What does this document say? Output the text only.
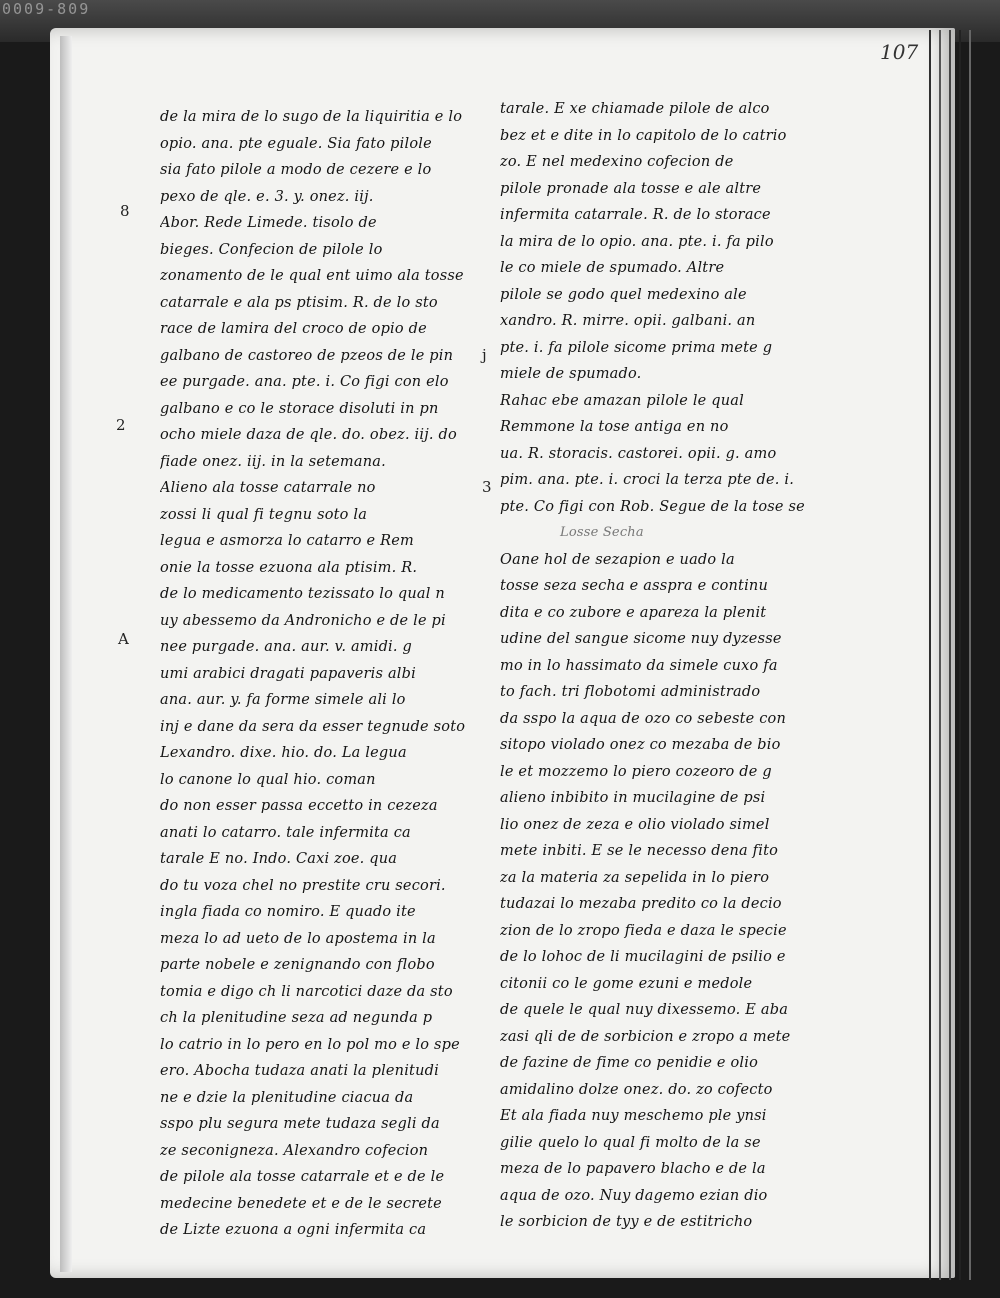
0009-809
107
8
2
A
j
3
de la mira de lo sugo de la liquiritia e lo
opio. ana. pte eguale. Sia fato pilole
sia fato pilole a modo de cezere e lo
pexo de qle. e. 3. y. onez. iij.
Abor. Rede Limede. tisolo de
bieges. Confecion de pilole lo
zonamento de le qual ent uimo ala tosse
catarrale e ala ps ptisim. R. de lo sto
race de lamira del croco de opio de
galbano de castoreo de pzeos de le pin
ee purgade. ana. pte. i. Co figi con elo
galbano e co le storace disoluti in pn
ocho miele daza de qle. do. obez. iij. do
fiade onez. iij. in la setemana.
Alieno ala tosse catarrale no
zossi li qual fi tegnu soto la
legua e asmorza lo catarro e Rem
onie la tosse ezuona ala ptisim. R.
de lo medicamento tezissato lo qual n
uy abessemo da Andronicho e de le pi
nee purgade. ana. aur. v. amidi. g
umi arabici dragati papaveris albi
ana. aur. y. fa forme simele ali lo
inj e dane da sera da esser tegnude soto
Lexandro. dixe. hio. do. La legua
lo canone lo qual hio. coman
do non esser passa eccetto in cezeza
anati lo catarro. tale infermita ca
tarale E no. Indo. Caxi zoe. qua
do tu voza chel no prestite cru secori.
ingla fiada co nomiro. E quado ite
meza lo ad ueto de lo apostema in la
parte nobele e zenignando con flobo
tomia e digo ch li narcotici daze da sto
ch la plenitudine seza ad negunda p
lo catrio in lo pero en lo pol mo e lo spe
ero. Abocha tudaza anati la plenitudi
ne e dzie la plenitudine ciacua da
sspo plu segura mete tudaza segli da
ze seconigneza. Alexandro cofecion
de pilole ala tosse catarrale et e de le
medecine benedete et e de le secrete
de Lizte ezuona a ogni infermita ca
tarale. E xe chiamade pilole de alco
bez et e dite in lo capitolo de lo catrio
zo. E nel medexino cofecion de
pilole pronade ala tosse e ale altre
infermita catarrale. R. de lo storace
la mira de lo opio. ana. pte. i. fa pilo
le co miele de spumado. Altre
pilole se godo quel medexino ale
xandro. R. mirre. opii. galbani. an
pte. i. fa pilole sicome prima mete g
miele de spumado.
Rahac ebe amazan pilole le qual
Remmone la tose antiga en no
ua. R. storacis. castorei. opii. g. amo
pim. ana. pte. i. croci la terza pte de. i.
pte. Co figi con Rob. Segue de la tose se
Losse Secha
Oane hol de sezapion e uado la
tosse seza secha e asspra e continu
dita e co zubore e apareza la plenit
udine del sangue sicome nuy dyzesse
mo in lo hassimato da simele cuxo fa
to fach. tri flobotomi administrado
da sspo la aqua de ozo co sebeste con
sitopo violado onez co mezaba de bio
le et mozzemo lo piero cozeoro de g
alieno inbibito in mucilagine de psi
lio onez de zeza e olio violado simel
mete inbiti. E se le necesso dena fito
za la materia za sepelida in lo piero
tudazai lo mezaba predito co la decio
zion de lo zropo fieda e daza le specie
de lo lohoc de li mucilagini de psilio e
citonii co le gome ezuni e medole
de quele le qual nuy dixessemo. E aba
zasi qli de de sorbicion e zropo a mete
de fazine de fime co penidie e olio
amidalino dolze onez. do. zo cofecto
Et ala fiada nuy meschemo ple ynsi
gilie quelo lo qual fi molto de la se
meza de lo papavero blacho e de la
aqua de ozo. Nuy dagemo ezian dio
le sorbicion de tyy e de estitricho
